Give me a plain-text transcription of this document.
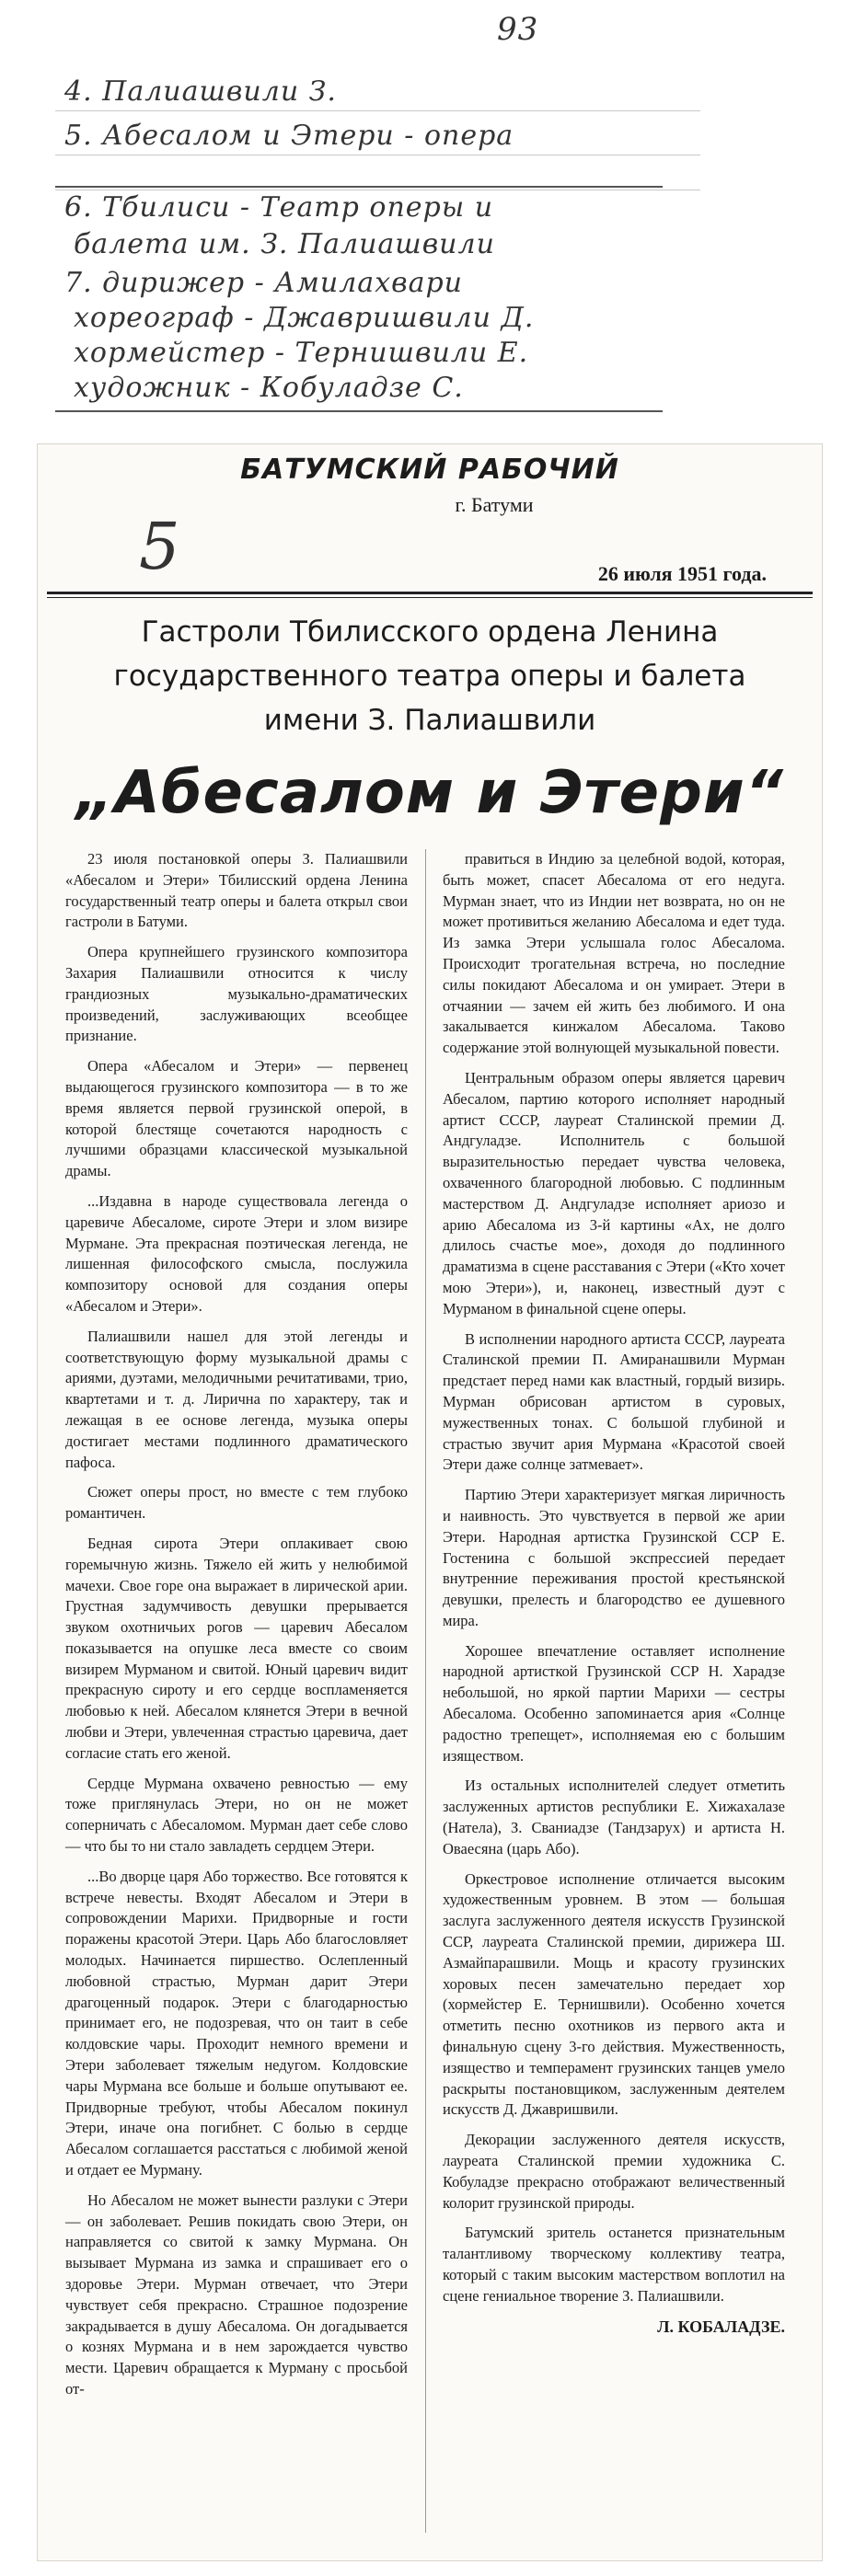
93
4. Палиашвили З.
5. Абесалом и Этери - опера
6. Тбилиси - Театр оперы и
балета им. З. Палиашвили
7. дирижер - Амилахвари
хореограф - Джавришвили Д.
хормейстер - Тернишвили Е.
художник - Кобуладзе С.
БАТУМСКИЙ РАБОЧИЙ
г. Батуми
5	26 июля 1951 года.
Гастроли Тбилисского ордена Ленина
государственного театра оперы и балета
имени З. Палиашвили
„Абесалом и Этери“

23 июля постановкой оперы З. Палиашвили «Абесалом и Этери» Тбилисский ордена Ленина государственный театр оперы и балета открыл свои гастроли в Батуми.

Опера крупнейшего грузинского композитора Захария Палиашвили относится к числу грандиозных музыкально-драматических произведений, заслуживающих всеобщее признание.

Опера «Абесалом и Этери» — первенец выдающегося грузинского композитора — в то же время является первой грузинской оперой, в которой блестяще сочетаются народность с лучшими образцами классической музыкальной драмы.

...Издавна в народе существовала легенда о царевиче Абесаломе, сироте Этери и злом визире Мурмане. Эта прекрасная поэтическая легенда, не лишенная философского смысла, послужила композитору основой для создания оперы «Абесалом и Этери».

Палиашвили нашел для этой легенды и соответствующую форму музыкальной драмы с ариями, дуэтами, мелодичными речитативами, трио, квартетами и т. д. Лирична по характеру, так и лежащая в ее основе легенда, музыка оперы достигает местами подлинного драматического пафоса.

Сюжет оперы прост, но вместе с тем глубоко романтичен.

Бедная сирота Этери оплакивает свою горемычную жизнь. Тяжело ей жить у нелюбимой мачехи. Свое горе она выражает в лирической арии. Грустная задумчивость девушки прерывается звуком охотничьих рогов — царевич Абесалом показывается на опушке леса вместе со своим визирем Мурманом и свитой. Юный царевич видит прекрасную сироту и его сердце воспламеняется любовью к ней. Абесалом клянется Этери в вечной любви и Этери, увлеченная страстью царевича, дает согласие стать его женой.

Сердце Мурмана охвачено ревностью — ему тоже приглянулась Этери, но он не может соперничать с Абесаломом. Мурман дает себе слово — что бы то ни стало завладеть сердцем Этери.

...Во дворце царя Або торжество. Все готовятся к встрече невесты. Входят Абесалом и Этери в сопровождении Марихи. Придворные и гости поражены красотой Этери. Царь Або благословляет молодых. Начинается пиршество. Ослепленный любовной страстью, Мурман дарит Этери драгоценный подарок. Этери с благодарностью принимает его, не подозревая, что он таит в себе колдовские чары. Проходит немного времени и Этери заболевает тяжелым недугом. Колдовские чары Мурмана все больше и больше опутывают ее. Придворные требуют, чтобы Абесалом покинул Этери, иначе она погибнет. С болью в сердце Абесалом соглашается расстаться с любимой женой и отдает ее Мурману.

Но Абесалом не может вынести разлуки с Этери — он заболевает. Решив покидать свою Этери, он направляется со свитой к замку Мурмана. Он вызывает Мурмана из замка и спрашивает его о здоровье Этери. Мурман отвечает, что Этери чувствует себя прекрасно. Страшное подозрение закрадывается в душу Абесалома. Он догадывается о кознях Мурмана и в нем зарождается чувство мести. Царевич обращается к Мурману с просьбой от-

правиться в Индию за целебной водой, которая, быть может, спасет Абесалома от его недуга. Мурман знает, что из Индии нет возврата, но он не может противиться желанию Абесалома и едет туда. Из замка Этери услышала голос Абесалома. Происходит трогательная встреча, но последние силы покидают Абесалома и он умирает. Этери в отчаянии — зачем ей жить без любимого. И она закалывается кинжалом Абесалома. Таково содержание этой волнующей музыкальной повести.

Центральным образом оперы является царевич Абесалом, партию которого исполняет народный артист СССР, лауреат Сталинской премии Д. Андгуладзе. Исполнитель с большой выразительностью передает чувства человека, охваченного благородной любовью. С подлинным мастерством Д. Андгуладзе исполняет ариозо и арию Абесалома из 3-й картины «Ах, не долго длилось счастье мое», доходя до подлинного драматизма в сцене расставания с Этери («Кто хочет мою Этери»), и, наконец, известный дуэт с Мурманом в финальной сцене оперы.

В исполнении народного артиста СССР, лауреата Сталинской премии П. Амиранашвили Мурман предстает перед нами как властный, гордый визирь. Мурман обрисован артистом в суровых, мужественных тонах. С большой глубиной и страстью звучит ария Мурмана «Красотой своей Этери даже солнце затмевает».

Партию Этери характеризует мягкая лиричность и наивность. Это чувствуется в первой же арии Этери. Народная артистка Грузинской ССР Е. Гостенина с большой экспрессией передает внутренние переживания простой крестьянской девушки, прелесть и благородство ее душевного мира.

Хорошее впечатление оставляет исполнение народной артисткой Грузинской ССР Н. Харадзе небольшой, но яркой партии Марихи — сестры Абесалома. Особенно запоминается ария «Солнце радостно трепещет», исполняемая ею с большим изяществом.

Из остальных исполнителей следует отметить заслуженных артистов республики Е. Хижахалазе (Натела), З. Сваниадзе (Тандзарух) и артиста Н. Оваесяна (царь Або).

Оркестровое исполнение отличается высоким художественным уровнем. В этом — большая заслуга заслуженного деятеля искусств Грузинской ССР, лауреата Сталинской премии, дирижера Ш. Азмайпарашвили. Мощь и красоту грузинских хоровых песен замечательно передает хор (хормейстер Е. Тернишвили). Особенно хочется отметить песню охотников из первого акта и финальную сцену 3-го действия. Мужественность, изящество и темперамент грузинских танцев умело раскрыты постановщиком, заслуженным деятелем искусств Д. Джавришвили.

Декорации заслуженного деятеля искусств, лауреата Сталинской премии художника С. Кобуладзе прекрасно отображают величественный колорит грузинской природы.

Батумский зритель останется признательным талантливому творческому коллективу театра, который с таким высоким мастерством воплотил на сцене гениальное творение З. Палиашвили.

Л. КОБАЛАДЗЕ.
